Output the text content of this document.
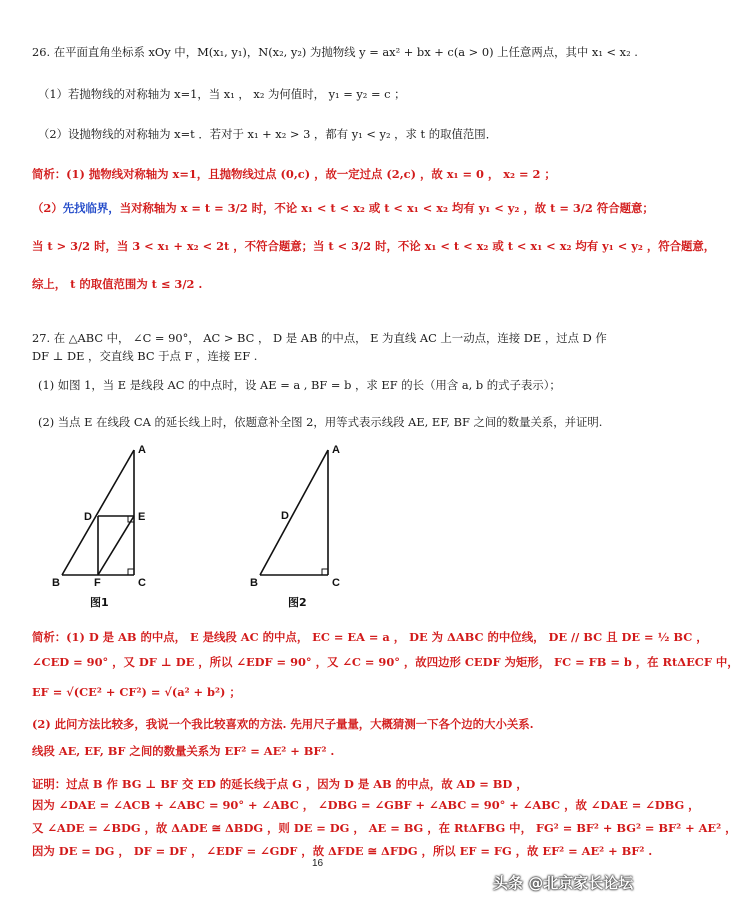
26. 在平面直角坐标系 xOy 中，M(x₁, y₁)，N(x₂, y₂) 为抛物线 y = ax² + bx + c(a > 0) 上任意两点，其中 x₁ < x₂ .
（1）若抛物线的对称轴为 x=1，当 x₁ ， x₂ 为何值时， y₁ = y₂ = c ；
（2）设抛物线的对称轴为 x=t ．若对于 x₁ + x₂ > 3 ，都有 y₁ < y₂ ，求 t 的取值范围．
简析：(1) 抛物线对称轴为 x=1，且抛物线过点 (0,c) ，故一定过点 (2,c) ，故 x₁ = 0 ， x₂ = 2 ；
（2）先找临界，当对称轴为 x = t = 3/2 时，不论 x₁ < t < x₂ 或 t < x₁ < x₂ 均有 y₁ < y₂ ，故 t = 3/2 符合题意；
当 t > 3/2 时，当 3 < x₁ + x₂ < 2t ，不符合题意；当 t < 3/2 时，不论 x₁ < t < x₂ 或 t < x₁ < x₂ 均有 y₁ < y₂ ，符合题意，
综上， t 的取值范围为 t ≤ 3/2 .
27. 在 △ABC 中， ∠C = 90°， AC > BC ， D 是 AB 的中点， E 为直线 AC 上一动点，连接 DE ，过点 D 作
DF ⊥ DE ，交直线 BC 于点 F ，连接 EF .
(1) 如图 1，当 E 是线段 AC 的中点时，设 AE = a , BF = b ，求 EF 的长（用含 a, b 的式子表示）；
(2) 当点 E 在线段 CA 的延长线上时，依题意补全图 2，用等式表示线段 AE, EF, BF 之间的数量关系，并证明.
A
D	E
B	F	C
图1
A
D
B	C
图2
简析：(1) D 是 AB 的中点， E 是线段 AC 的中点， EC = EA = a ， DE 为 ΔABC 的中位线， DE // BC 且 DE = ½ BC ，
∠CED = 90° ，又 DF ⊥ DE ，所以 ∠EDF = 90° ，又 ∠C = 90° ，故四边形 CEDF 为矩形， FC = FB = b ，在 RtΔECF 中，
EF = √(CE² + CF²) = √(a² + b²) ；
(2) 此问方法比较多，我说一个我比较喜欢的方法. 先用尺子量量，大概猜测一下各个边的大小关系.
线段 AE, EF, BF 之间的数量关系为 EF² = AE² + BF² .
证明：过点 B 作 BG ⊥ BF 交 ED 的延长线于点 G ，因为 D 是 AB 的中点，故 AD = BD ，
因为 ∠DAE = ∠ACB + ∠ABC = 90° + ∠ABC ， ∠DBG = ∠GBF + ∠ABC = 90° + ∠ABC ，故 ∠DAE = ∠DBG ，
又 ∠ADE = ∠BDG ，故 ΔADE ≅ ΔBDG ，则 DE = DG ， AE = BG ，在 RtΔFBG 中， FG² = BF² + BG² = BF² + AE² ，
因为 DE = DG ， DF = DF ， ∠EDF = ∠GDF ，故 ΔFDE ≅ ΔFDG ，所以 EF = FG ，故 EF² = AE² + BF² .
16
头条 @北京家长论坛
